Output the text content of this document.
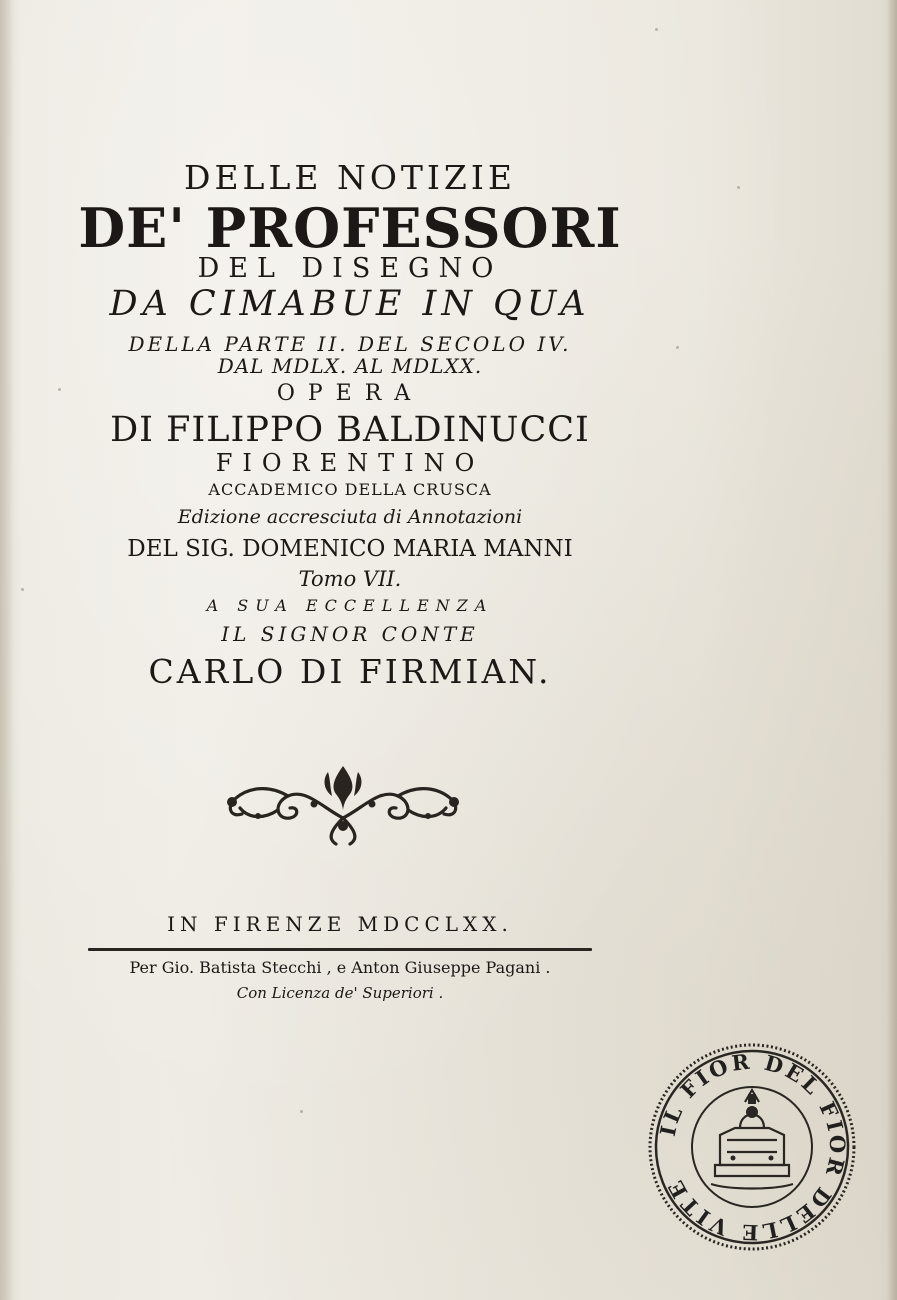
DELLE NOTIZIE
DE' PROFESSORI
DEL DISEGNO
DA CIMABUE IN QUA
DELLA PARTE II. DEL SECOLO IV.
DAL MDLX. AL MDLXX.
OPERA
DI FILIPPO BALDINUCCI
FIORENTINO
ACCADEMICO DELLA CRUSCA
Edizione accresciuta di Annotazioni
DEL SIG. DOMENICO MARIA MANNI
Tomo VII.
A SUA ECCELLENZA
IL SIGNOR CONTE
CARLO DI FIRMIAN.
IN FIRENZE MDCCLXX.
Per Gio. Batista Stecchi , e Anton Giuseppe Pagani .
Con Licenza de' Superiori .
IL FIOR DEL FIOR DELLE VITE
